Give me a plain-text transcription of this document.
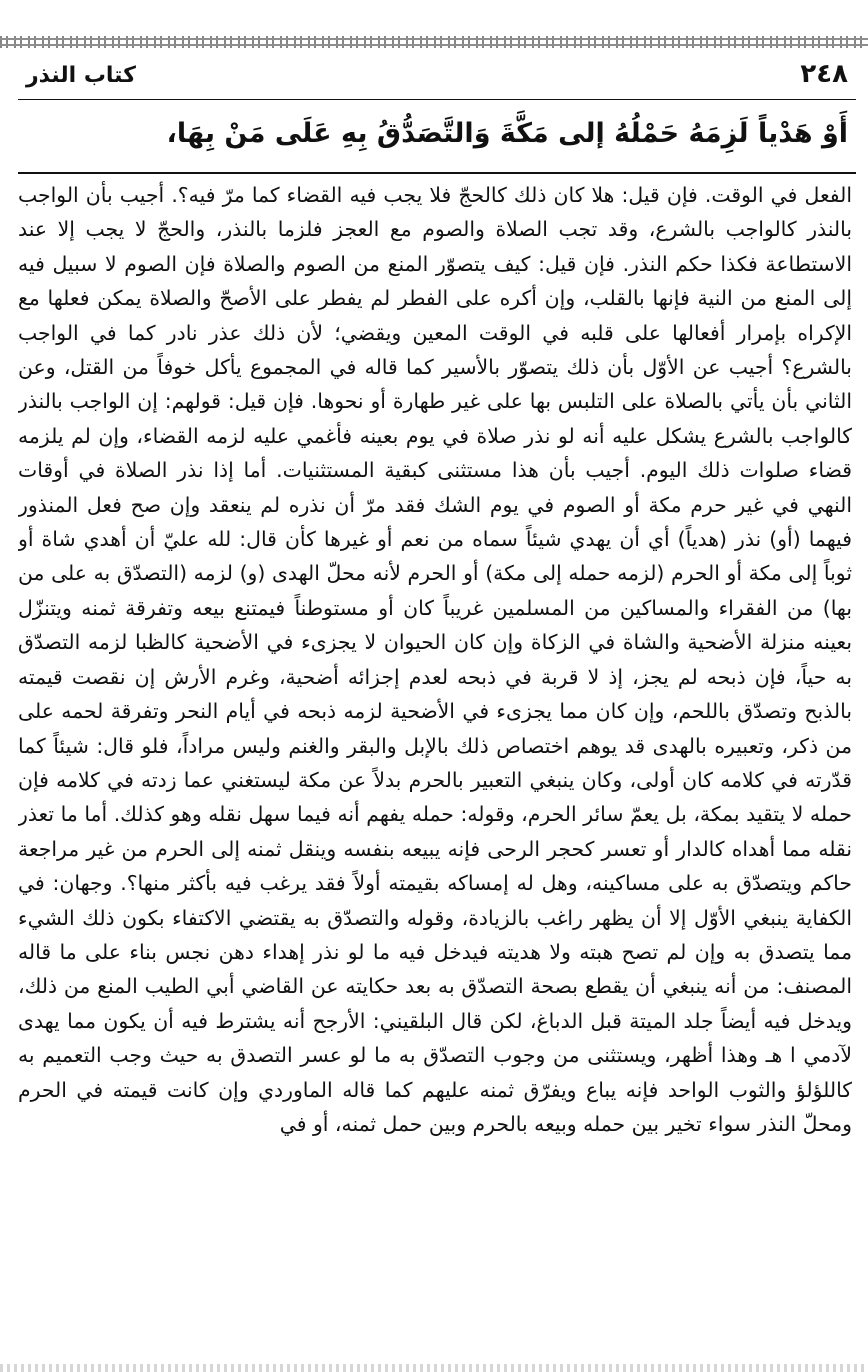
٢٤٨
كتاب النذر

أَوْ هَدْياً لَزِمَهُ حَمْلُهُ إلى مَكَّةَ وَالتَّصَدُّقُ بِهِ عَلَى مَنْ بِهَا،

الفعل في الوقت. فإن قيل: هلا كان ذلك كالحجّ فلا يجب فيه القضاء كما مرّ فيه؟. أجيب بأن الواجب بالنذر كالواجب بالشرع، وقد تجب الصلاة والصوم مع العجز فلزما بالنذر، والحجّ لا يجب إلا عند الاستطاعة فكذا حكم النذر. فإن قيل: كيف يتصوّر المنع من الصوم والصلاة فإن الصوم لا سبيل فيه إلى المنع من النية فإنها بالقلب، وإن أكره على الفطر لم يفطر على الأصحّ والصلاة يمكن فعلها مع الإكراه بإمرار أفعالها على قلبه في الوقت المعين ويقضي؛ لأن ذلك عذر نادر كما في الواجب بالشرع؟ أجيب عن الأوّل بأن ذلك يتصوّر بالأسير كما قاله في المجموع يأكل خوفاً من القتل، وعن الثاني بأن يأتي بالصلاة على التلبس بها على غير طهارة أو نحوها. فإن قيل: قولهم: إن الواجب بالنذر كالواجب بالشرع يشكل عليه أنه لو نذر صلاة في يوم بعينه فأغمي عليه لزمه القضاء، وإن لم يلزمه قضاء صلوات ذلك اليوم. أجيب بأن هذا مستثنى كبقية المستثنيات. أما إذا نذر الصلاة في أوقات النهي في غير حرم مكة أو الصوم في يوم الشك فقد مرّ أن نذره لم ينعقد وإن صح فعل المنذور فيهما (أو) نذر (هدياً) أي أن يهدي شيئاً سماه من نعم أو غيرها كأن قال: لله عليّ أن أهدي شاة أو ثوباً إلى مكة أو الحرم (لزمه حمله إلى مكة) أو الحرم لأنه محلّ الهدى (و) لزمه (التصدّق به على من بها) من الفقراء والمساكين من المسلمين غريباً كان أو مستوطناً فيمتنع بيعه وتفرقة ثمنه ويتنزّل بعينه منزلة الأضحية والشاة في الزكاة وإن كان الحيوان لا يجزىء في الأضحية كالظبا لزمه التصدّق به حياً، فإن ذبحه لم يجز، إذ لا قربة في ذبحه لعدم إجزائه أضحية، وغرم الأرش إن نقصت قيمته بالذبح وتصدّق باللحم، وإن كان مما يجزىء في الأضحية لزمه ذبحه في أيام النحر وتفرقة لحمه على من ذكر، وتعبيره بالهدى قد يوهم اختصاص ذلك بالإبل والبقر والغنم وليس مراداً، فلو قال: شيئاً كما قدّرته في كلامه كان أولى، وكان ينبغي التعبير بالحرم بدلاً عن مكة ليستغني عما زدته في كلامه فإن حمله لا يتقيد بمكة، بل يعمّ سائر الحرم، وقوله: حمله يفهم أنه فيما سهل نقله وهو كذلك. أما ما تعذر نقله مما أهداه كالدار أو تعسر كحجر الرحى فإنه يبيعه بنفسه وينقل ثمنه إلى الحرم من غير مراجعة حاكم ويتصدّق به على مساكينه، وهل له إمساكه بقيمته أولاً فقد يرغب فيه بأكثر منها؟. وجهان: في الكفاية ينبغي الأوّل إلا أن يظهر راغب بالزيادة، وقوله والتصدّق به يقتضي الاكتفاء بكون ذلك الشيء مما يتصدق به وإن لم تصح هبته ولا هديته فيدخل فيه ما لو نذر إهداء دهن نجس بناء على ما قاله المصنف: من أنه ينبغي أن يقطع بصحة التصدّق به بعد حكايته عن القاضي أبي الطيب المنع من ذلك، ويدخل فيه أيضاً جلد الميتة قبل الدباغ، لكن قال البلقيني: الأرجح أنه يشترط فيه أن يكون مما يهدى لآدمي ا هـ وهذا أظهر، ويستثنى من وجوب التصدّق به ما لو عسر التصدق به حيث وجب التعميم به كاللؤلؤ والثوب الواحد فإنه يباع ويفرّق ثمنه عليهم كما قاله الماوردي وإن كانت قيمته في الحرم ومحلّ النذر سواء تخير بين حمله وبيعه بالحرم وبين حمل ثمنه، أو في
